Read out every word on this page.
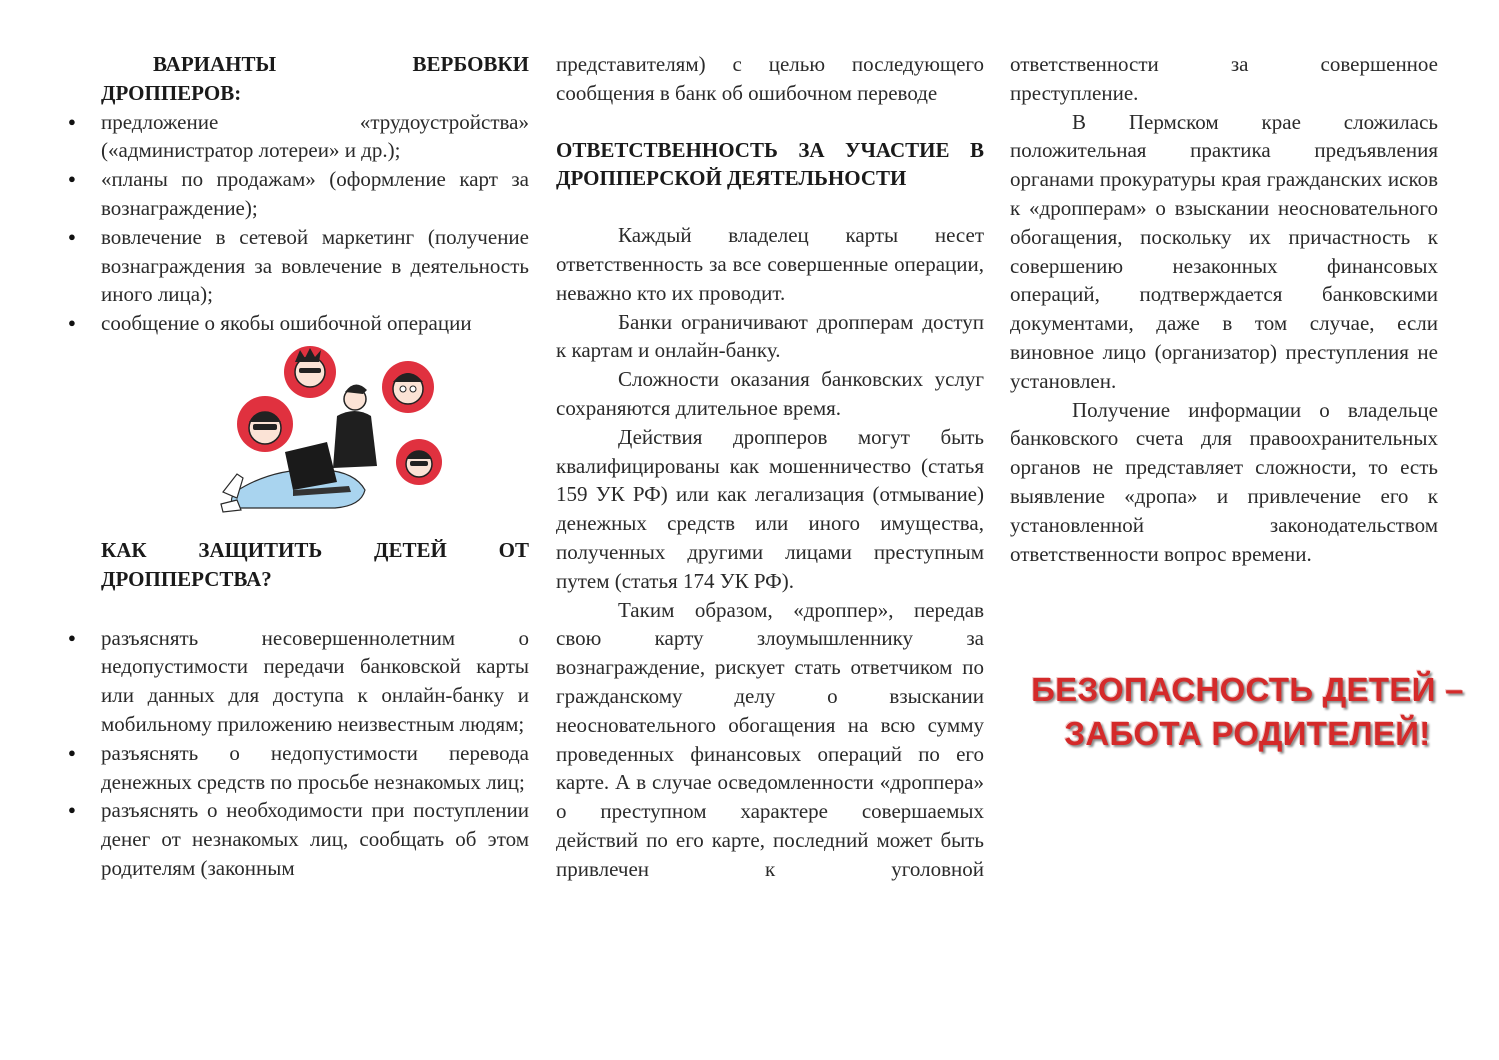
ВАРИАНТЫ ВЕРБОВКИ ДРОППЕРОВ:

● предложение «трудоустройства» («администратор лотереи» и др.);
● «планы по продажам» (оформление карт за вознаграждение);
● вовлечение в сетевой маркетинг (получение вознаграждения за вовлечение в деятельность иного лица);
● сообщение о якобы ошибочной операции

КАК ЗАЩИТИТЬ ДЕТЕЙ ОТ ДРОППЕРСТВА?

● разъяснять несовершеннолетним о недопустимости передачи банковской карты или данных для доступа к онлайн-банку и мобильному приложению неизвестным людям;
● разъяснять о недопустимости перевода денежных средств по просьбе незнакомых лиц;
● разъяснять о необходимости при поступлении денег от незнакомых лиц, сообщать об этом родителям (законным

представителям) с целью последующего сообщения в банк об ошибочном переводе

ОТВЕТСТВЕННОСТЬ ЗА УЧАСТИЕ В ДРОППЕРСКОЙ ДЕЯТЕЛЬНОСТИ

Каждый владелец карты несет ответственность за все совершенные операции, неважно кто их проводит.

Банки ограничивают дропперам доступ к картам и онлайн-банку.

Сложности оказания банковских услуг сохраняются длительное время.

Действия дропперов могут быть квалифицированы как мошенничество (статья 159 УК РФ) или как легализация (отмывание) денежных средств или иного имущества, полученных другими лицами преступным путем (статья 174 УК РФ).

Таким образом, «дроппер», передав свою карту злоумышленнику за вознаграждение, рискует стать ответчиком по гражданскому делу о взыскании неосновательного обогащения на всю сумму проведенных финансовых операций по его карте. А в случае осведомленности «дроппера» о преступном характере совершаемых действий по его карте, последний может быть привлечен к уголовной

ответственности за совершенное преступление.

В Пермском крае сложилась положительная практика предъявления органами прокуратуры края гражданских исков к «дропперам» о взыскании неосновательного обогащения, поскольку их причастность к совершению незаконных финансовых операций, подтверждается банковскими документами, даже в том случае, если виновное лицо (организатор) преступления не установлен.

Получение информации о владельце банковского счета для правоохранительных органов не представляет сложности, то есть выявление «дропа» и привлечение его к установленной законодательством ответственности вопрос времени.

БЕЗОПАСНОСТЬ ДЕТЕЙ –
ЗАБОТА РОДИТЕЛЕЙ!
